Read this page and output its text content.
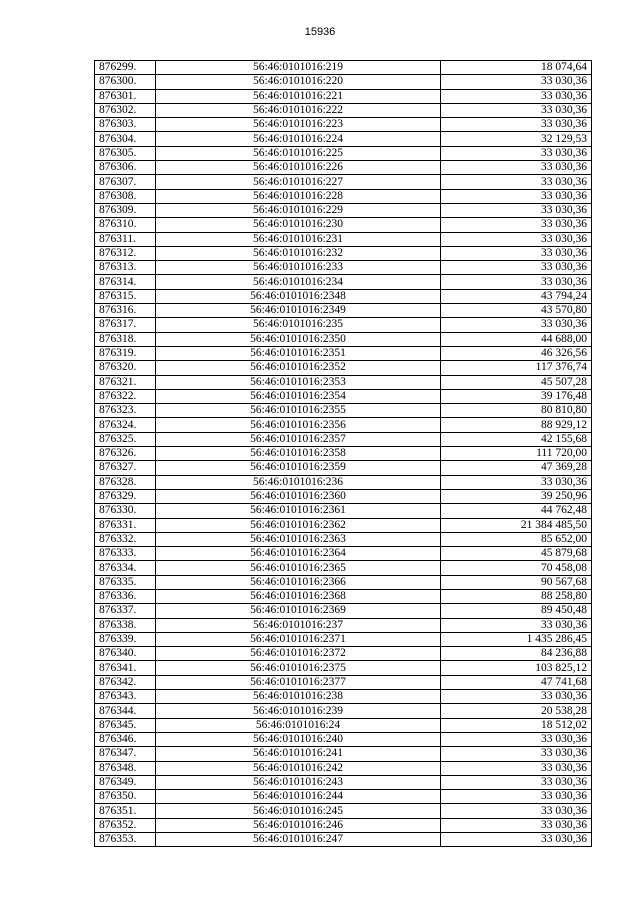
15936
876299.	56:46:0101016:219	18 074,64
876300.	56:46:0101016:220	33 030,36
876301.	56:46:0101016:221	33 030,36
876302.	56:46:0101016:222	33 030,36
876303.	56:46:0101016:223	33 030,36
876304.	56:46:0101016:224	32 129,53
876305.	56:46:0101016:225	33 030,36
876306.	56:46:0101016:226	33 030,36
876307.	56:46:0101016:227	33 030,36
876308.	56:46:0101016:228	33 030,36
876309.	56:46:0101016:229	33 030,36
876310.	56:46:0101016:230	33 030,36
876311.	56:46:0101016:231	33 030,36
876312.	56:46:0101016:232	33 030,36
876313.	56:46:0101016:233	33 030,36
876314.	56:46:0101016:234	33 030,36
876315.	56:46:0101016:2348	43 794,24
876316.	56:46:0101016:2349	43 570,80
876317.	56:46:0101016:235	33 030,36
876318.	56:46:0101016:2350	44 688,00
876319.	56:46:0101016:2351	46 326,56
876320.	56:46:0101016:2352	117 376,74
876321.	56:46:0101016:2353	45 507,28
876322.	56:46:0101016:2354	39 176,48
876323.	56:46:0101016:2355	80 810,80
876324.	56:46:0101016:2356	88 929,12
876325.	56:46:0101016:2357	42 155,68
876326.	56:46:0101016:2358	111 720,00
876327.	56:46:0101016:2359	47 369,28
876328.	56:46:0101016:236	33 030,36
876329.	56:46:0101016:2360	39 250,96
876330.	56:46:0101016:2361	44 762,48
876331.	56:46:0101016:2362	21 384 485,50
876332.	56:46:0101016:2363	85 652,00
876333.	56:46:0101016:2364	45 879,68
876334.	56:46:0101016:2365	70 458,08
876335.	56:46:0101016:2366	90 567,68
876336.	56:46:0101016:2368	88 258,80
876337.	56:46:0101016:2369	89 450,48
876338.	56:46:0101016:237	33 030,36
876339.	56:46:0101016:2371	1 435 286,45
876340.	56:46:0101016:2372	84 236,88
876341.	56:46:0101016:2375	103 825,12
876342.	56:46:0101016:2377	47 741,68
876343.	56:46:0101016:238	33 030,36
876344.	56:46:0101016:239	20 538,28
876345.	56:46:0101016:24	18 512,02
876346.	56:46:0101016:240	33 030,36
876347.	56:46:0101016:241	33 030,36
876348.	56:46:0101016:242	33 030,36
876349.	56:46:0101016:243	33 030,36
876350.	56:46:0101016:244	33 030,36
876351.	56:46:0101016:245	33 030,36
876352.	56:46:0101016:246	33 030,36
876353.	56:46:0101016:247	33 030,36
